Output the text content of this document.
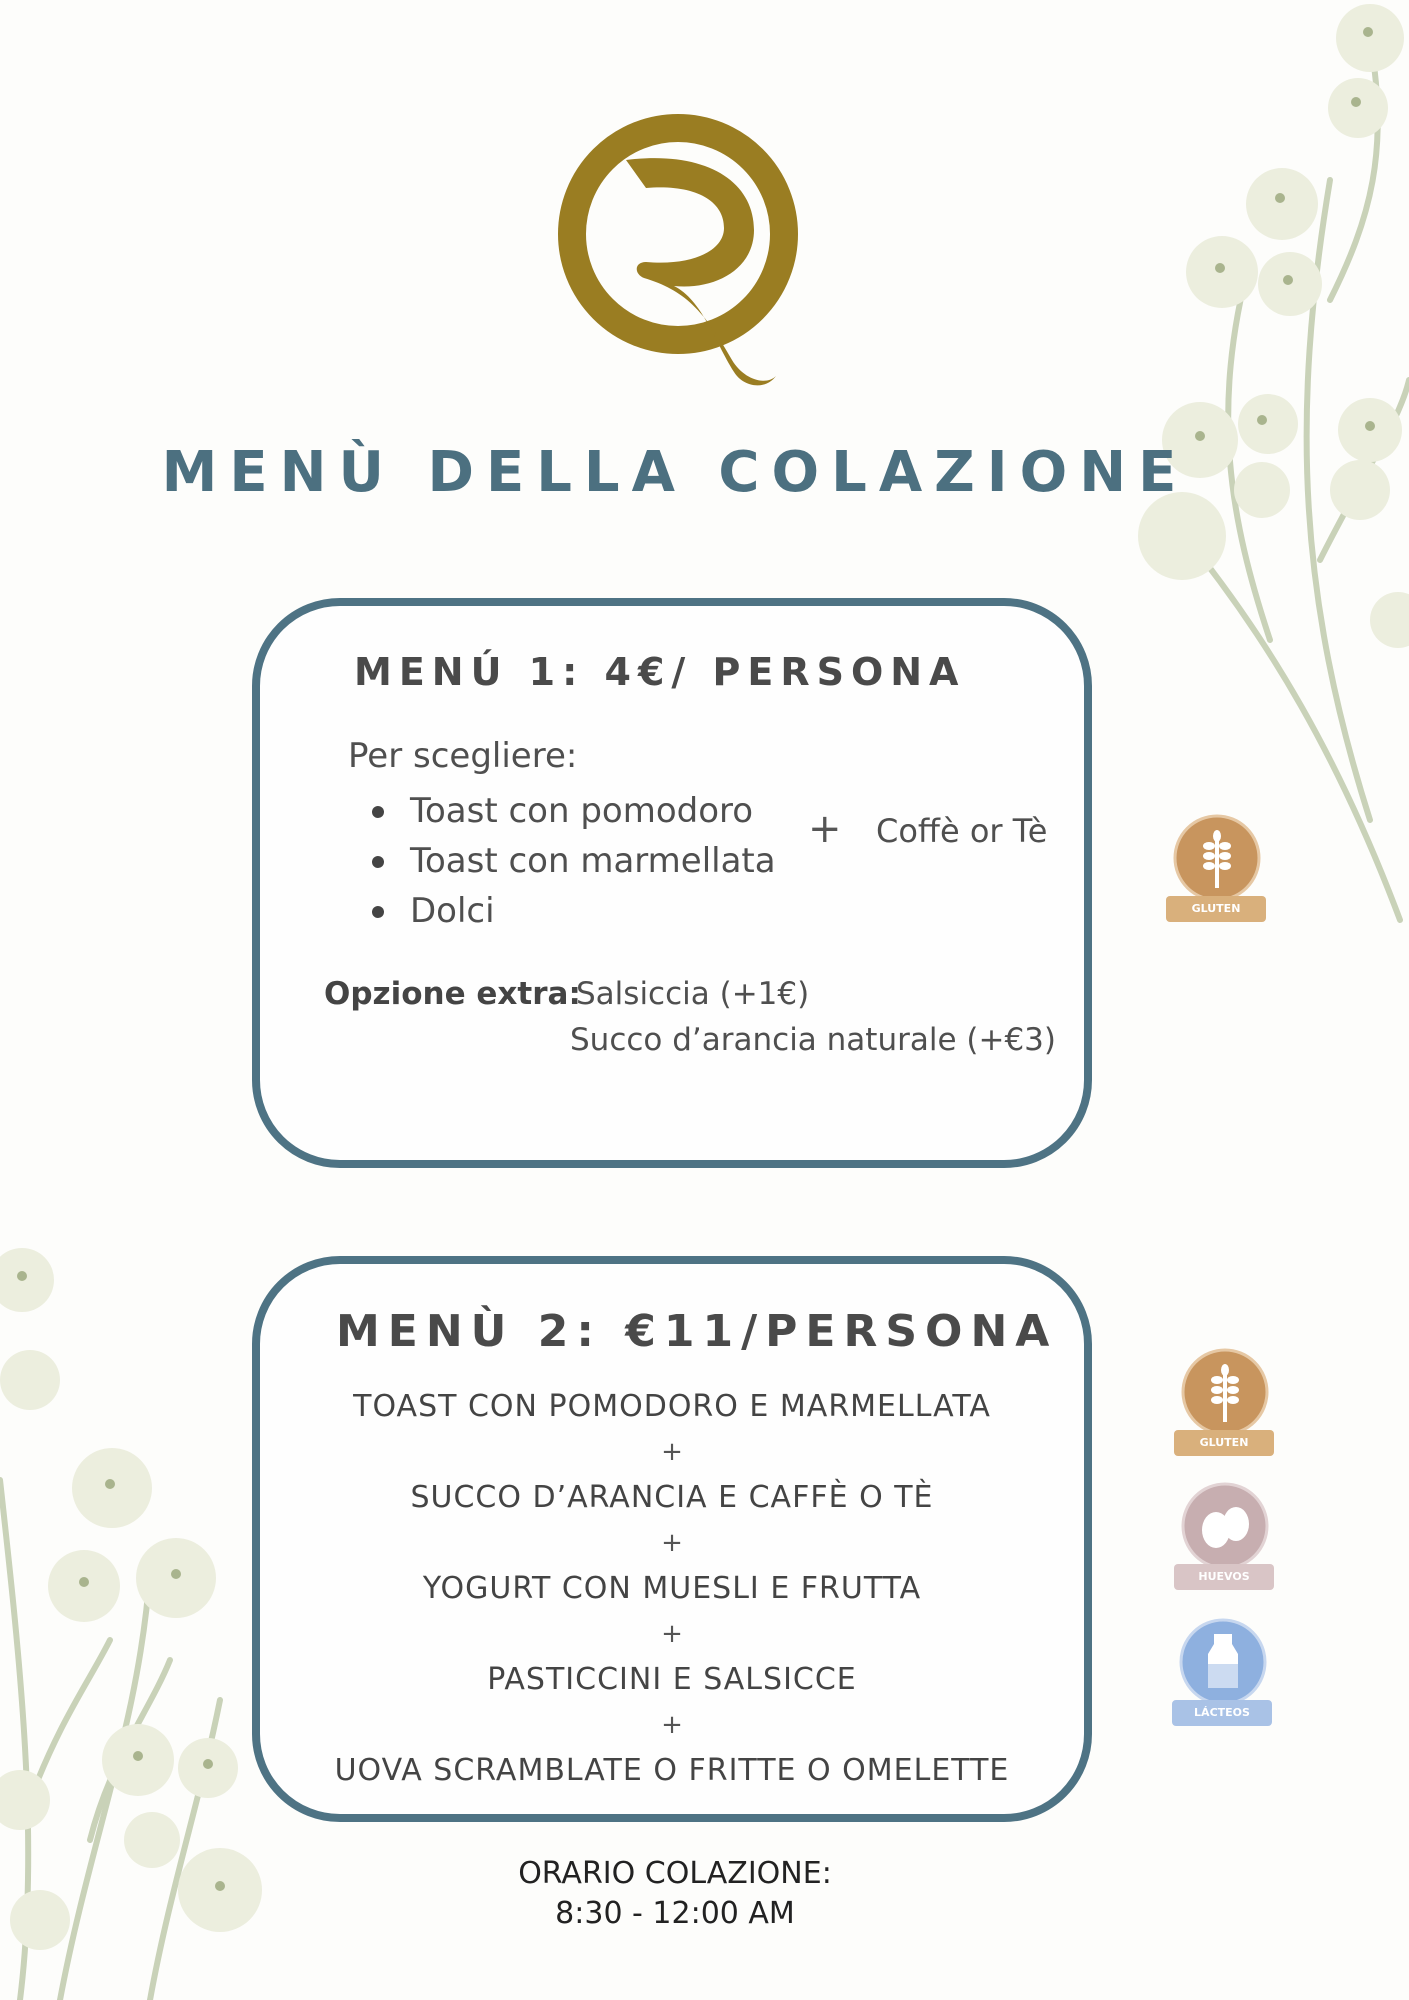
MENÙ DELLA COLAZIONE
MENÚ 1: 4€/ PERSONA
Per scegliere:
Toast con pomodoro
Toast con marmellata
Dolci
+ Coffè or Tè
Opzione extra:
Salsiccia (+1€)
Succo d’arancia naturale (+€3)
MENÙ 2: €11/PERSONA
TOAST CON POMODORO E MARMELLATA
+
SUCCO D’ARANCIA E CAFFÈ O TÈ
+
YOGURT CON MUESLI E FRUTTA
+
PASTICCINI E SALSICCE
+
UOVA SCRAMBLATE O FRITTE O OMELETTE
GLUTEN
GLUTEN
HUEVOS
LÁCTEOS
ORARIO COLAZIONE:
8:30 - 12:00 AM
